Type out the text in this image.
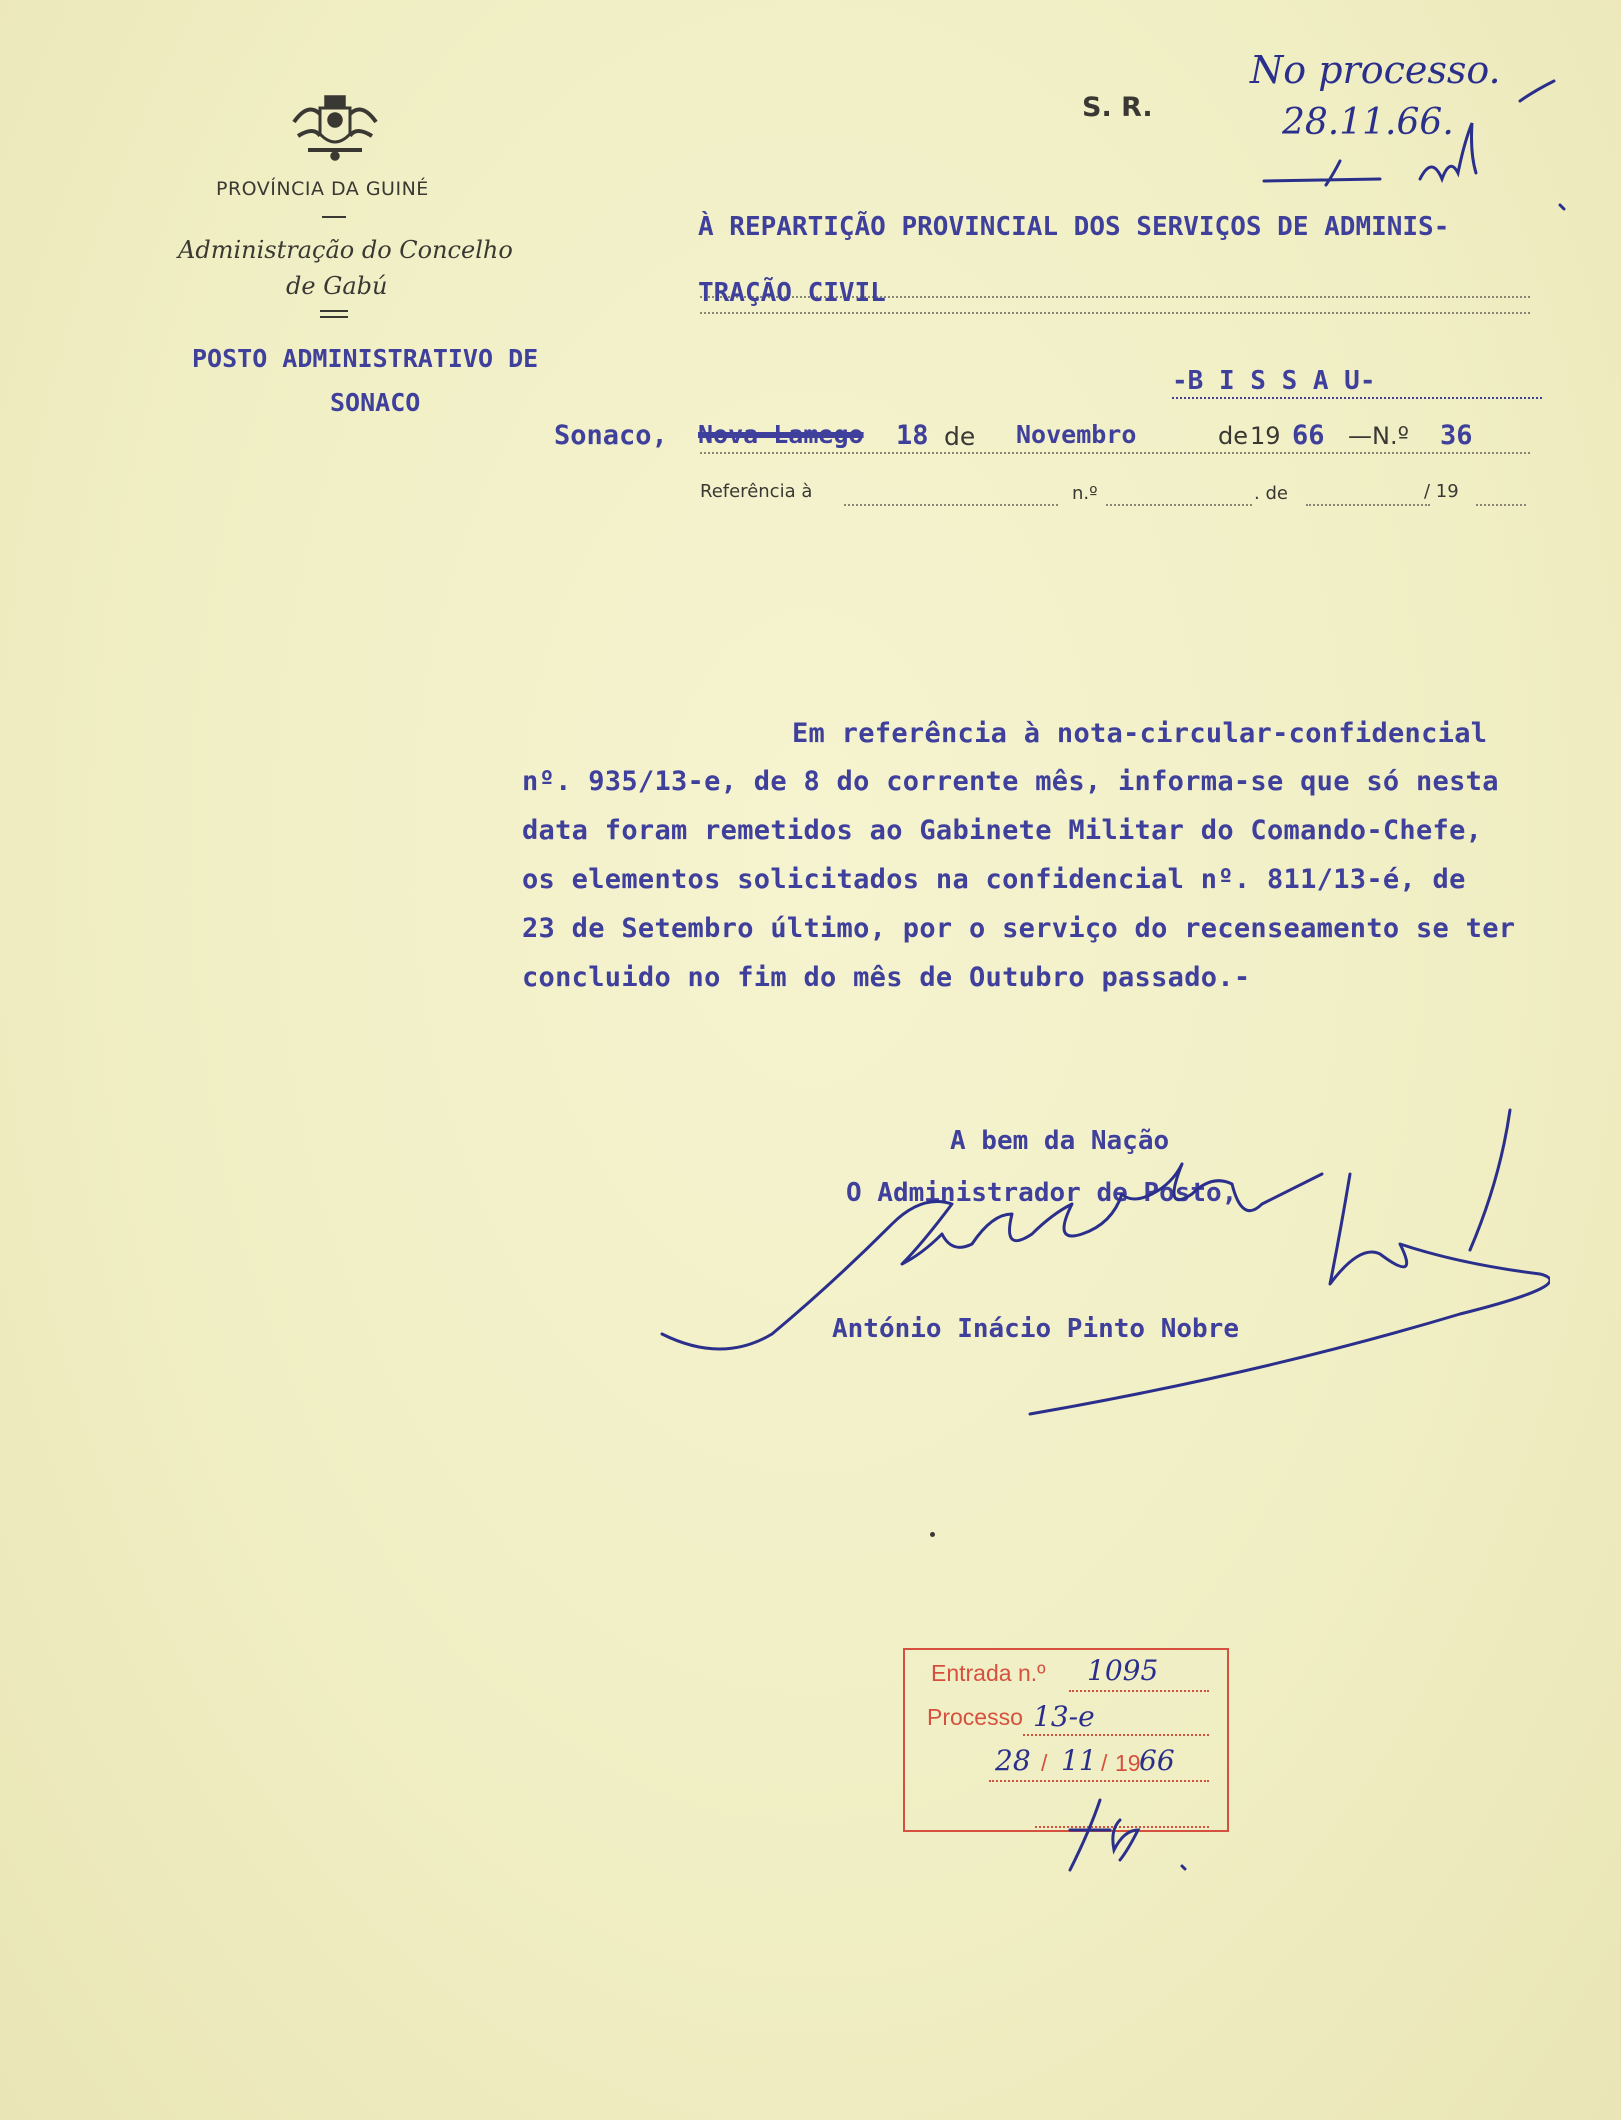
PROVÍNCIA DA GUINÉ
Administração do Concelho
de Gabú
POSTO ADMINISTRATIVO DE
SONACO
S. R.
No processo.
28.11.66.
À REPARTIÇÃO PROVINCIAL DOS SERVIÇOS DE ADMINIS-
TRAÇÃO CIVIL
-B I S S A U-
Sonaco, Nova Lamego 18 de Novembro	de 19 66 —N.º 36
Referência à	n.º	. de	/ 19
Em referência à nota-circular-confidencial
nº. 935/13-e, de 8 do corrente mês, informa-se que só nesta
data foram remetidos ao Gabinete Militar do Comando-Chefe,
os elementos solicitados na confidencial nº. 811/13-é, de
23 de Setembro último, por o serviço do recenseamento se ter
concluido no fim do mês de Outubro passado.-
A bem da Nação
O Administrador de Posto,
António Inácio Pinto Nobre
Entrada n.º 1095
Processo 13-e
28 / 11 / 19
66
